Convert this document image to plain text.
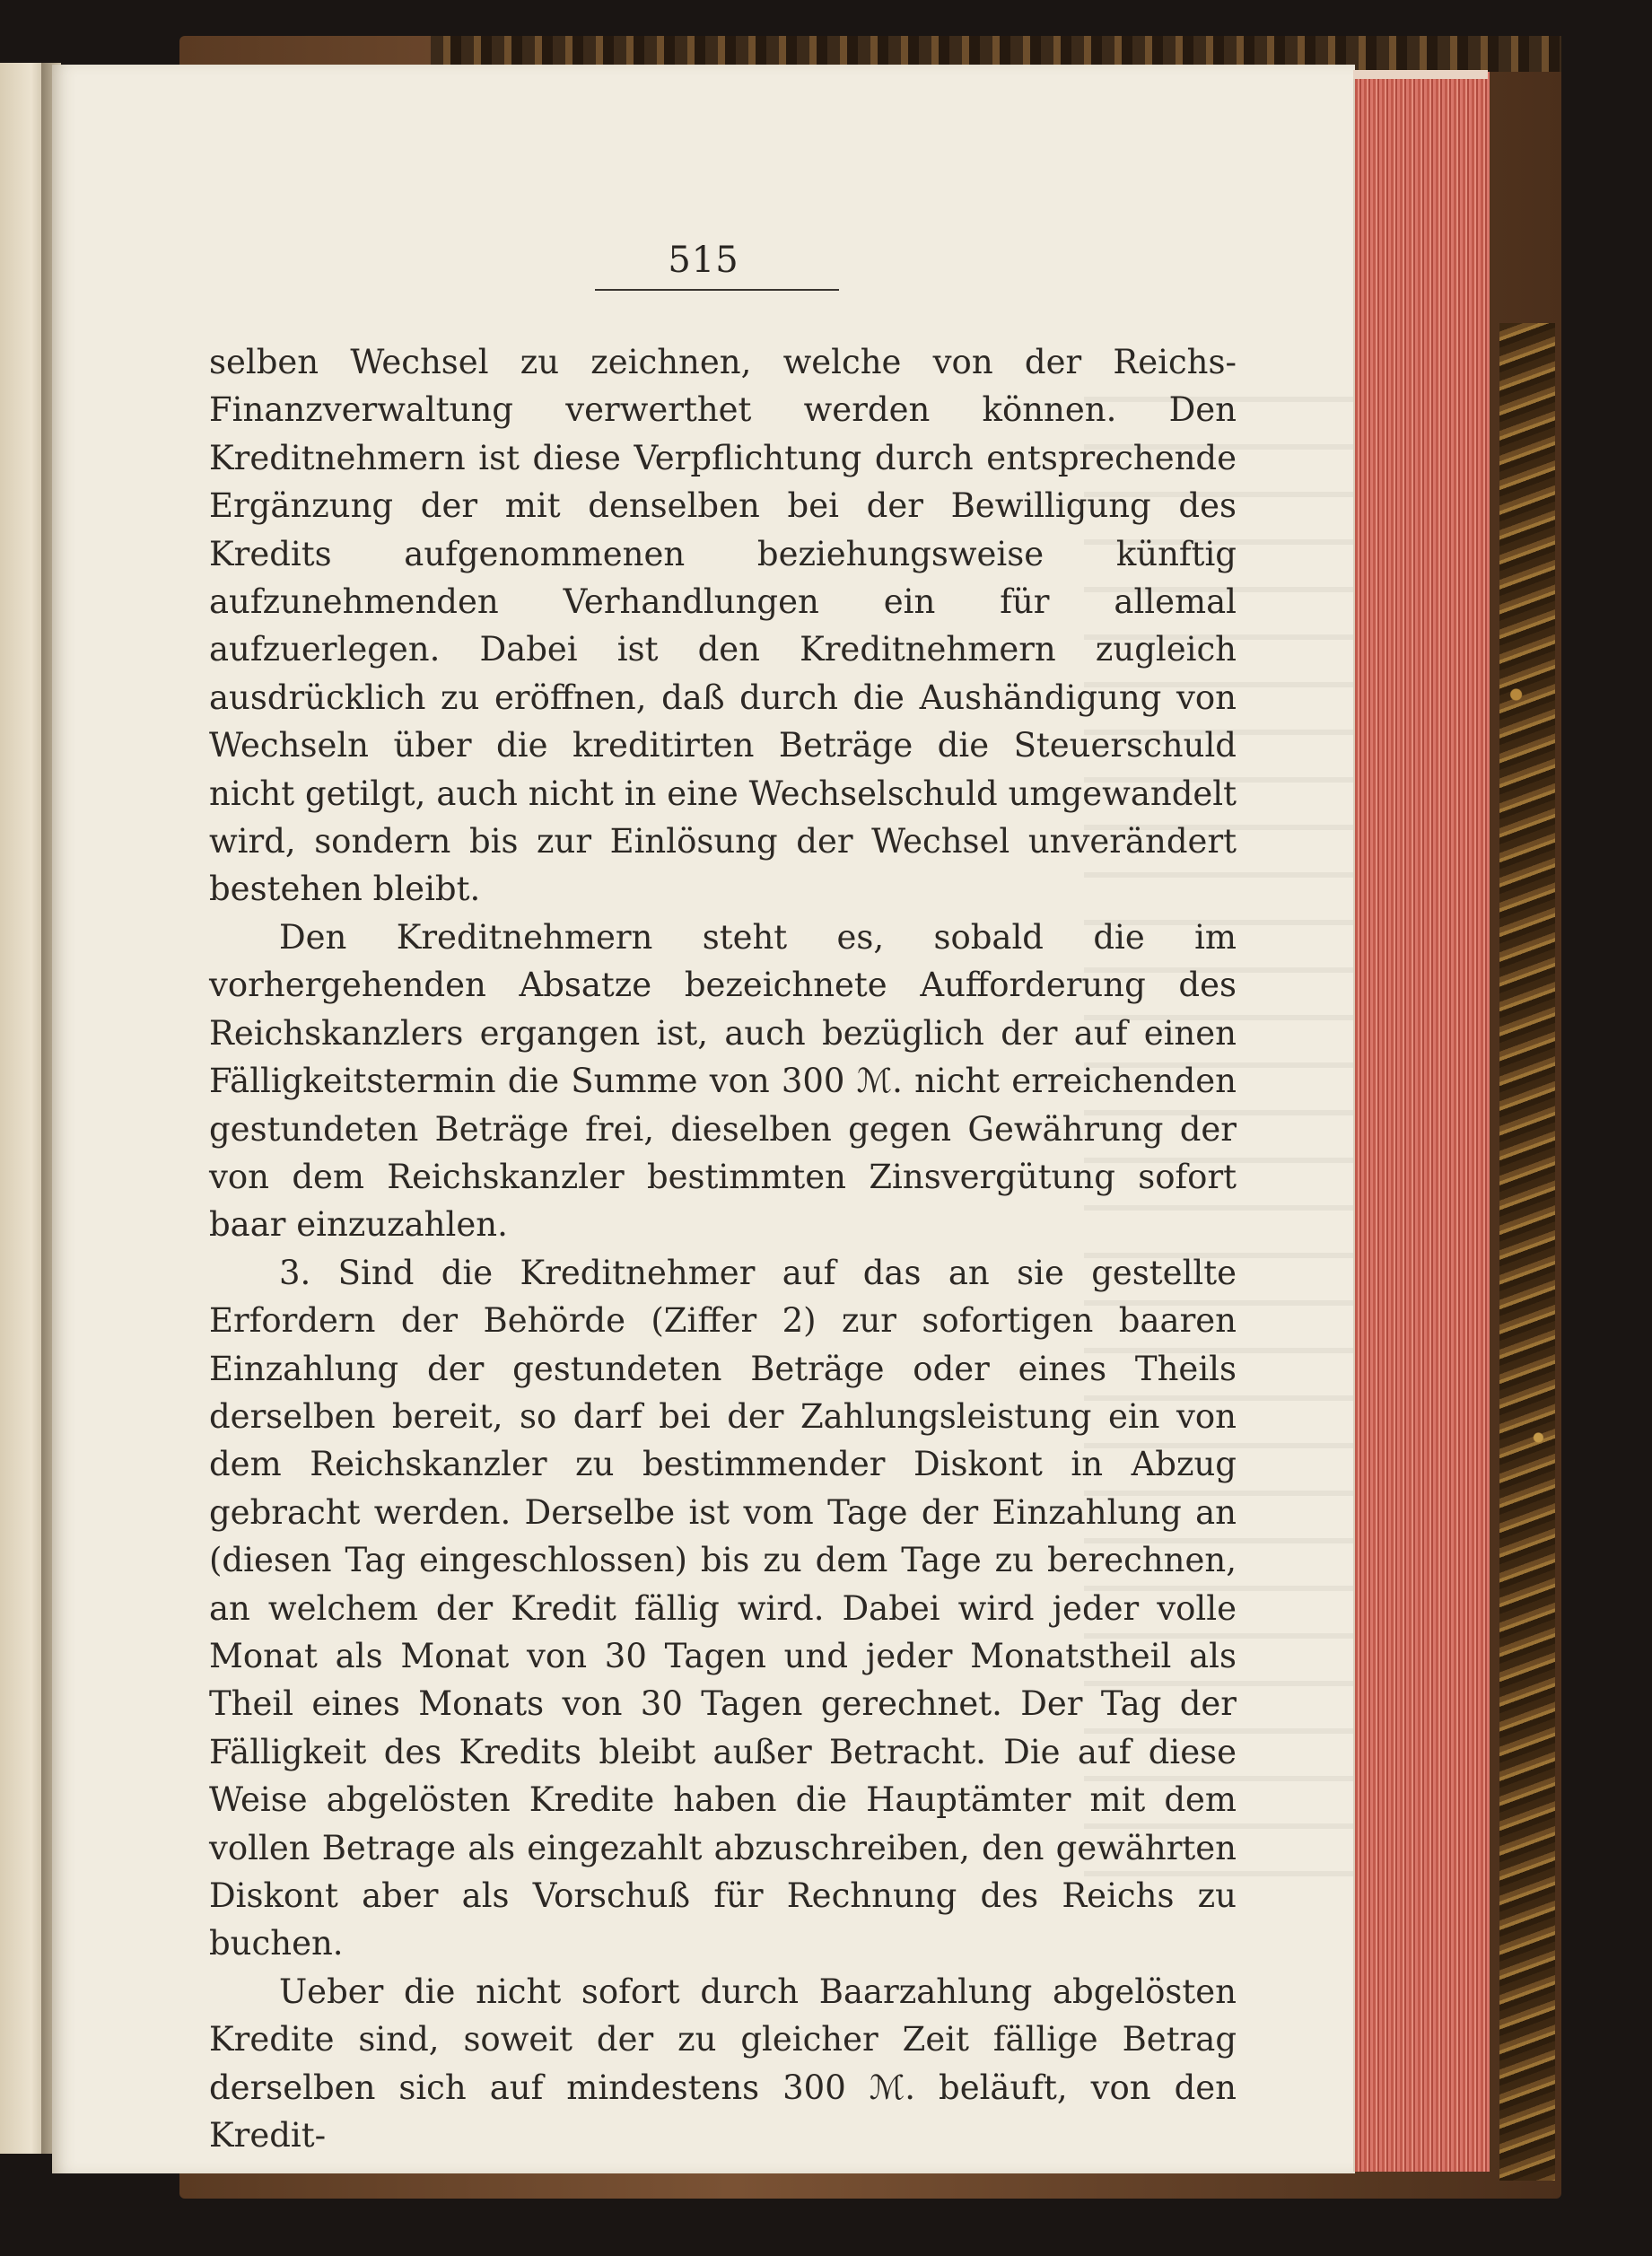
515

selben Wechsel zu zeichnen, welche von der Reichs-Finanzverwaltung verwerthet werden können. Den Kreditnehmern ist diese Verpflichtung durch entsprechende Ergänzung der mit denselben bei der Bewilligung des Kredits aufgenommenen beziehungsweise künftig aufzunehmenden Verhandlungen ein für allemal aufzuerlegen. Dabei ist den Kreditnehmern zugleich ausdrücklich zu eröffnen, daß durch die Aushändigung von Wechseln über die kreditirten Beträge die Steuerschuld nicht getilgt, auch nicht in eine Wechselschuld umgewandelt wird, sondern bis zur Einlösung der Wechsel unverändert bestehen bleibt.

Den Kreditnehmern steht es, sobald die im vorhergehenden Absatze bezeichnete Aufforderung des Reichskanzlers ergangen ist, auch bezüglich der auf einen Fälligkeitstermin die Summe von 300 ℳ. nicht erreichenden gestundeten Beträge frei, dieselben gegen Gewährung der von dem Reichskanzler bestimmten Zinsvergütung sofort baar einzuzahlen.

3. Sind die Kreditnehmer auf das an sie gestellte Erfordern der Behörde (Ziffer 2) zur sofortigen baaren Einzahlung der gestundeten Beträge oder eines Theils derselben bereit, so darf bei der Zahlungsleistung ein von dem Reichskanzler zu bestimmender Diskont in Abzug gebracht werden. Derselbe ist vom Tage der Einzahlung an (diesen Tag eingeschlossen) bis zu dem Tage zu berechnen, an welchem der Kredit fällig wird. Dabei wird jeder volle Monat als Monat von 30 Tagen und jeder Monatstheil als Theil eines Monats von 30 Tagen gerechnet. Der Tag der Fälligkeit des Kredits bleibt außer Betracht. Die auf diese Weise abgelösten Kredite haben die Hauptämter mit dem vollen Betrage als eingezahlt abzuschreiben, den gewährten Diskont aber als Vorschuß für Rechnung des Reichs zu buchen.

Ueber die nicht sofort durch Baarzahlung abgelösten Kredite sind, soweit der zu gleicher Zeit fällige Betrag derselben sich auf mindestens 300 ℳ. beläuft, von den Kredit-
